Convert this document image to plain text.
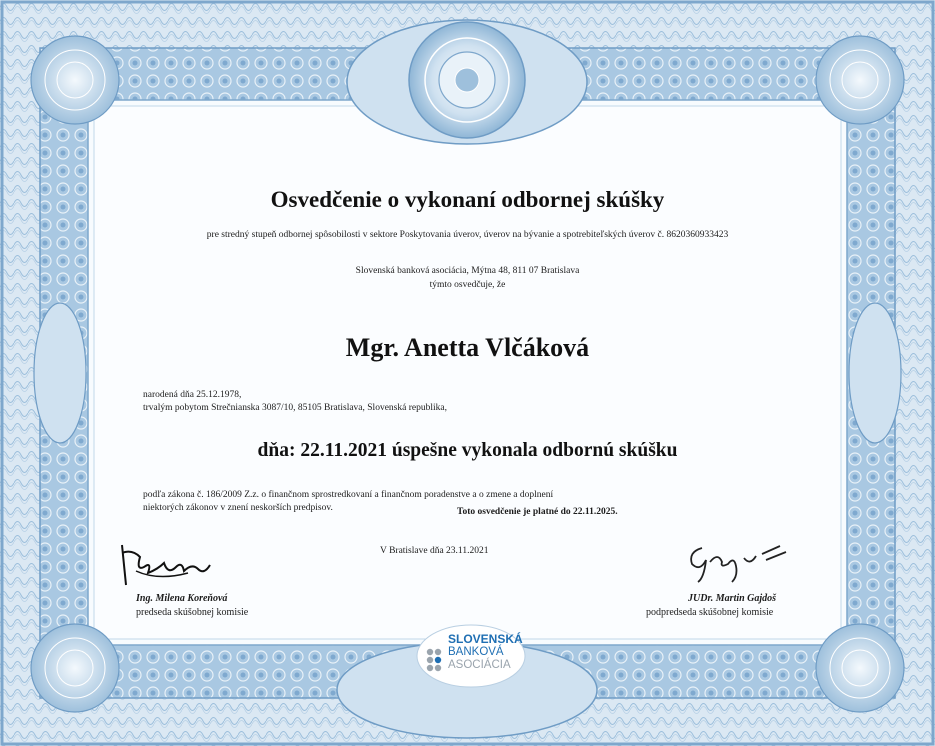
Osvedčenie o vykonaní odbornej skúšky
pre stredný stupeň odbornej spôsobilosti v sektore Poskytovania úverov, úverov na bývanie a spotrebiteľských úverov č. 8620360933423
Slovenská banková asociácia, Mýtna 48, 811 07 Bratislava
týmto osvedčuje, že
Mgr. Anetta Vlčáková
narodená dňa 25.12.1978,
trvalým pobytom Strečnianska 3087/10, 85105 Bratislava, Slovenská republika,
dňa: 22.11.2021 úspešne vykonala odbornú skúšku
podľa zákona č. 186/2009 Z.z. o finančnom sprostredkovaní a finančnom poradenstve a o zmene a doplnení
niektorých zákonov v znení neskorších predpisov.	Toto osvedčenie je platné do 22.11.2025.
V Bratislave dňa 23.11.2021
Ing. Milena Koreňová
predseda skúšobnej komisie
JUDr. Martin Gajdoš
podpredseda skúšobnej komisie
SLOVENSKÁ
BANKOVÁ
ASOCIÁCIA
